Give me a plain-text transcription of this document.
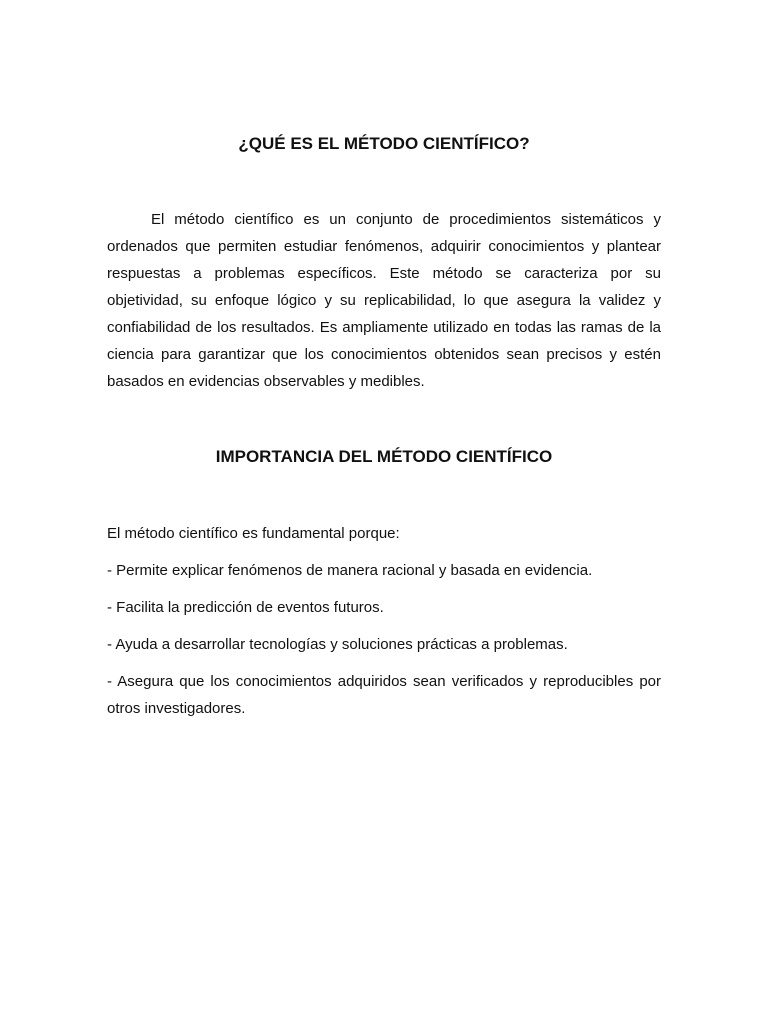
¿QUÉ ES EL MÉTODO CIENTÍFICO?

El método científico es un conjunto de procedimientos sistemáticos y ordenados que permiten estudiar fenómenos, adquirir conocimientos y plantear respuestas a problemas específicos. Este método se caracteriza por su objetividad, su enfoque lógico y su replicabilidad, lo que asegura la validez y confiabilidad de los resultados. Es ampliamente utilizado en todas las ramas de la ciencia para garantizar que los conocimientos obtenidos sean precisos y estén basados en evidencias observables y medibles.

IMPORTANCIA DEL MÉTODO CIENTÍFICO

El método científico es fundamental porque:

- Permite explicar fenómenos de manera racional y basada en evidencia.
- Facilita la predicción de eventos futuros.
- Ayuda a desarrollar tecnologías y soluciones prácticas a problemas.
- Asegura que los conocimientos adquiridos sean verificados y reproducibles por otros investigadores.
